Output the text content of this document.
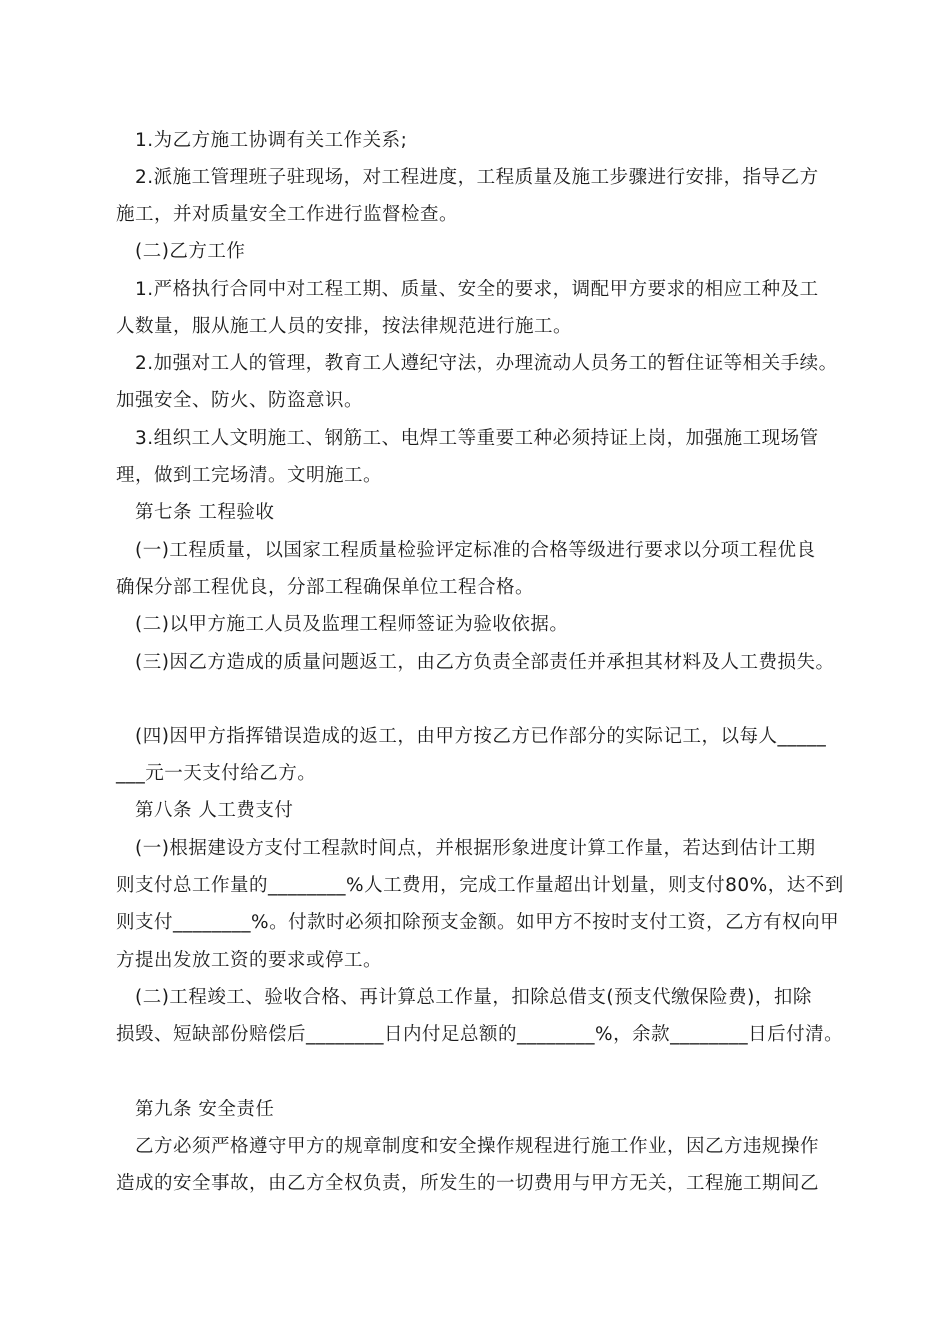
1.为乙方施工协调有关工作关系;
2.派施工管理班子驻现场，对工程进度，工程质量及施工步骤进行安排，指导乙方
施工，并对质量安全工作进行监督检查。
(二)乙方工作
1.严格执行合同中对工程工期、质量、安全的要求，调配甲方要求的相应工种及工
人数量，服从施工人员的安排，按法律规范进行施工。
2.加强对工人的管理，教育工人遵纪守法，办理流动人员务工的暂住证等相关手续。
加强安全、防火、防盗意识。
3.组织工人文明施工、钢筋工、电焊工等重要工种必须持证上岗，加强施工现场管
理，做到工完场清。文明施工。
第七条 工程验收
(一)工程质量，以国家工程质量检验评定标准的合格等级进行要求以分项工程优良
确保分部工程优良，分部工程确保单位工程合格。
(二)以甲方施工人员及监理工程师签证为验收依据。
(三)因乙方造成的质量问题返工，由乙方负责全部责任并承担其材料及人工费损失。
(四)因甲方指挥错误造成的返工，由甲方按乙方已作部分的实际记工，以每人_____
___元一天支付给乙方。
第八条 人工费支付
(一)根据建设方支付工程款时间点，并根据形象进度计算工作量，若达到估计工期
则支付总工作量的________%人工费用，完成工作量超出计划量，则支付80%，达不到
则支付________%。付款时必须扣除预支金额。如甲方不按时支付工资，乙方有权向甲
方提出发放工资的要求或停工。
(二)工程竣工、验收合格、再计算总工作量，扣除总借支(预支代缴保险费)，扣除
损毁、短缺部份赔偿后________日内付足总额的________%，余款________日后付清。
第九条 安全责任
乙方必须严格遵守甲方的规章制度和安全操作规程进行施工作业，因乙方违规操作
造成的安全事故，由乙方全权负责，所发生的一切费用与甲方无关，工程施工期间乙
